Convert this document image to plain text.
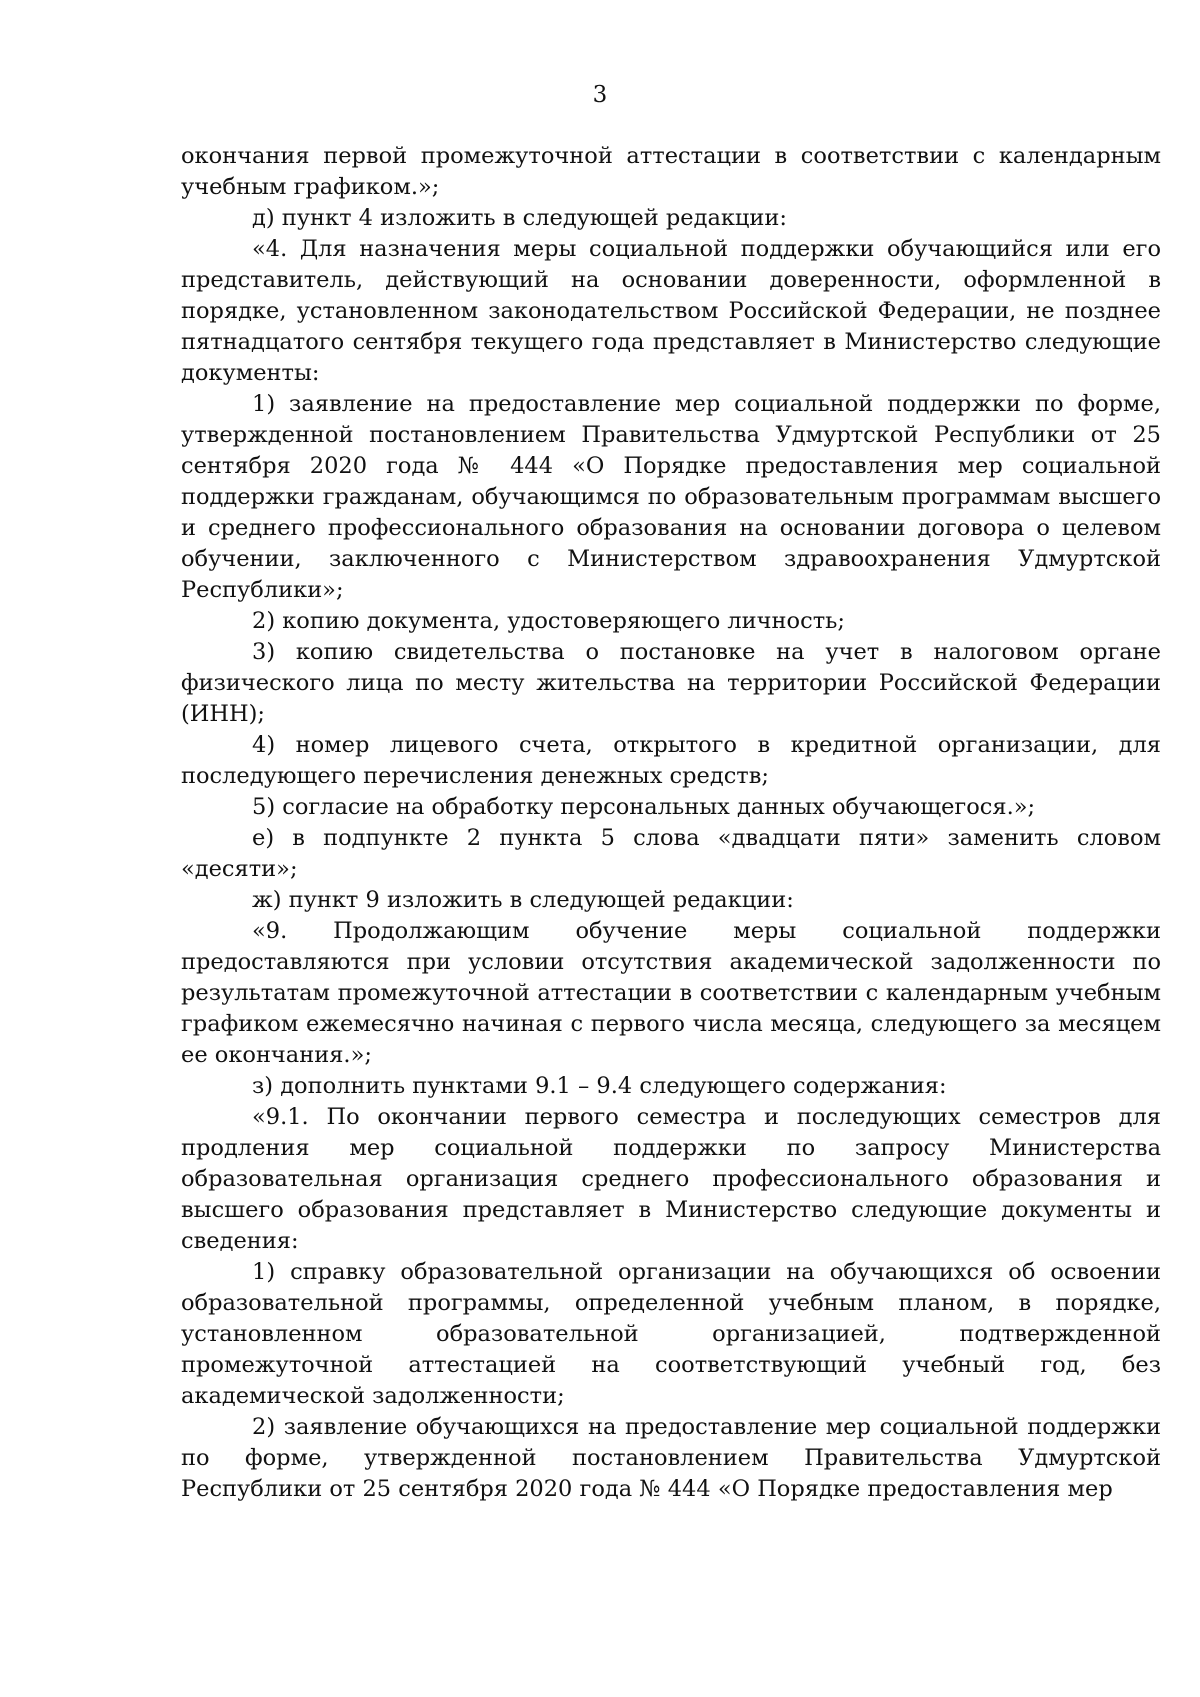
3

окончания первой промежуточной аттестации в соответствии с календарным учебным графиком.»;

д) пункт 4 изложить в следующей редакции:

«4. Для назначения меры социальной поддержки обучающийся или его представитель, действующий на основании доверенности, оформленной в порядке, установленном законодательством Российской Федерации, не позднее пятнадцатого сентября текущего года представляет в Министерство следующие документы:

1) заявление на предоставление мер социальной поддержки по форме, утвержденной постановлением Правительства Удмуртской Республики от 25 сентября 2020 года № 444 «О Порядке предоставления мер социальной поддержки гражданам, обучающимся по образовательным программам высшего и среднего профессионального образования на основании договора о целевом обучении, заключенного с Министерством здравоохранения Удмуртской Республики»;

2) копию документа, удостоверяющего личность;

3) копию свидетельства о постановке на учет в налоговом органе физического лица по месту жительства на территории Российской Федерации (ИНН);

4) номер лицевого счета, открытого в кредитной организации, для последующего перечисления денежных средств;

5) согласие на обработку персональных данных обучающегося.»;

е) в подпункте 2 пункта 5 слова «двадцати пяти» заменить словом «десяти»;

ж) пункт 9 изложить в следующей редакции:

«9. Продолжающим обучение меры социальной поддержки предоставляются при условии отсутствия академической задолженности по результатам промежуточной аттестации в соответствии с календарным учебным графиком ежемесячно начиная с первого числа месяца, следующего за месяцем ее окончания.»;

з) дополнить пунктами 9.1 – 9.4 следующего содержания:

«9.1. По окончании первого семестра и последующих семестров для продления мер социальной поддержки по запросу Министерства образовательная организация среднего профессионального образования и высшего образования представляет в Министерство следующие документы и сведения:

1) справку образовательной организации на обучающихся об освоении образовательной программы, определенной учебным планом, в порядке, установленном образовательной организацией, подтвержденной промежуточной аттестацией на соответствующий учебный год, без академической задолженности;

2) заявление обучающихся на предоставление мер социальной поддержки по форме, утвержденной постановлением Правительства Удмуртской Республики от 25 сентября 2020 года № 444 «О Порядке предоставления мер
